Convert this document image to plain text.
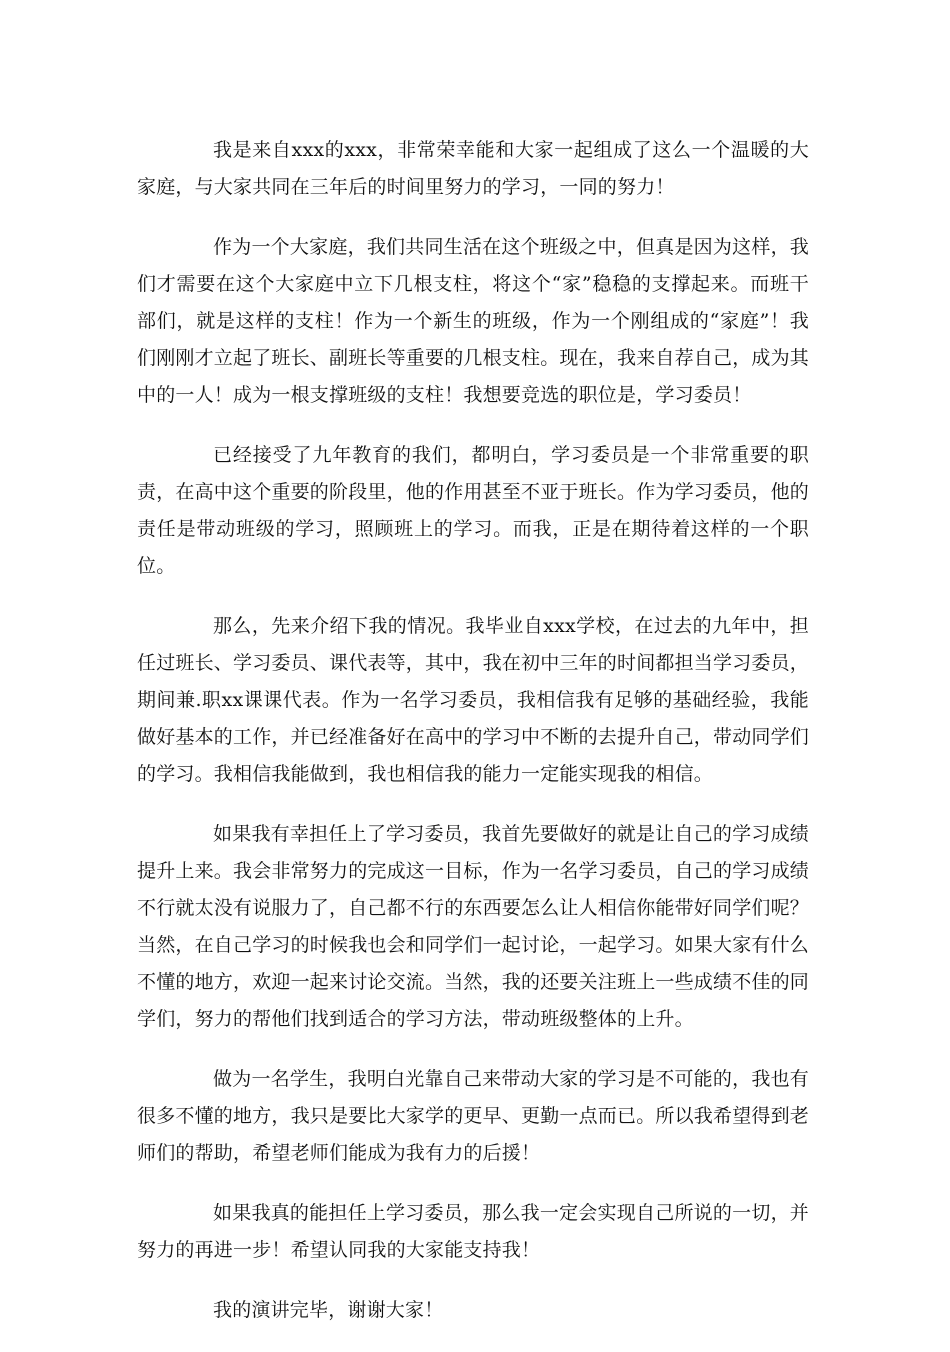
我是来自xxx的xxx，非常荣幸能和大家一起组成了这么一个温暖的大家庭，与大家共同在三年后的时间里努力的学习，一同的努力！

作为一个大家庭，我们共同生活在这个班级之中，但真是因为这样，我们才需要在这个大家庭中立下几根支柱，将这个“家”稳稳的支撑起来。而班干部们，就是这样的支柱！作为一个新生的班级，作为一个刚组成的“家庭”！我们刚刚才立起了班长、副班长等重要的几根支柱。现在，我来自荐自己，成为其中的一人！成为一根支撑班级的支柱！我想要竞选的职位是，学习委员！

已经接受了九年教育的我们，都明白，学习委员是一个非常重要的职责，在高中这个重要的阶段里，他的作用甚至不亚于班长。作为学习委员，他的责任是带动班级的学习，照顾班上的学习。而我，正是在期待着这样的一个职位。

那么，先来介绍下我的情况。我毕业自xxx学校，在过去的九年中，担任过班长、学习委员、课代表等，其中，我在初中三年的时间都担当学习委员，期间兼.职xx课课代表。作为一名学习委员，我相信我有足够的基础经验，我能做好基本的工作，并已经准备好在高中的学习中不断的去提升自己，带动同学们的学习。我相信我能做到，我也相信我的能力一定能实现我的相信。

如果我有幸担任上了学习委员，我首先要做好的就是让自己的学习成绩提升上来。我会非常努力的完成这一目标，作为一名学习委员，自己的学习成绩不行就太没有说服力了，自己都不行的东西要怎么让人相信你能带好同学们呢？当然，在自己学习的时候我也会和同学们一起讨论，一起学习。如果大家有什么不懂的地方，欢迎一起来讨论交流。当然，我的还要关注班上一些成绩不佳的同学们，努力的帮他们找到适合的学习方法，带动班级整体的上升。

做为一名学生，我明白光靠自己来带动大家的学习是不可能的，我也有很多不懂的地方，我只是要比大家学的更早、更勤一点而已。所以我希望得到老师们的帮助，希望老师们能成为我有力的后援！

如果我真的能担任上学习委员，那么我一定会实现自己所说的一切，并努力的再进一步！希望认同我的大家能支持我！

我的演讲完毕，谢谢大家！
